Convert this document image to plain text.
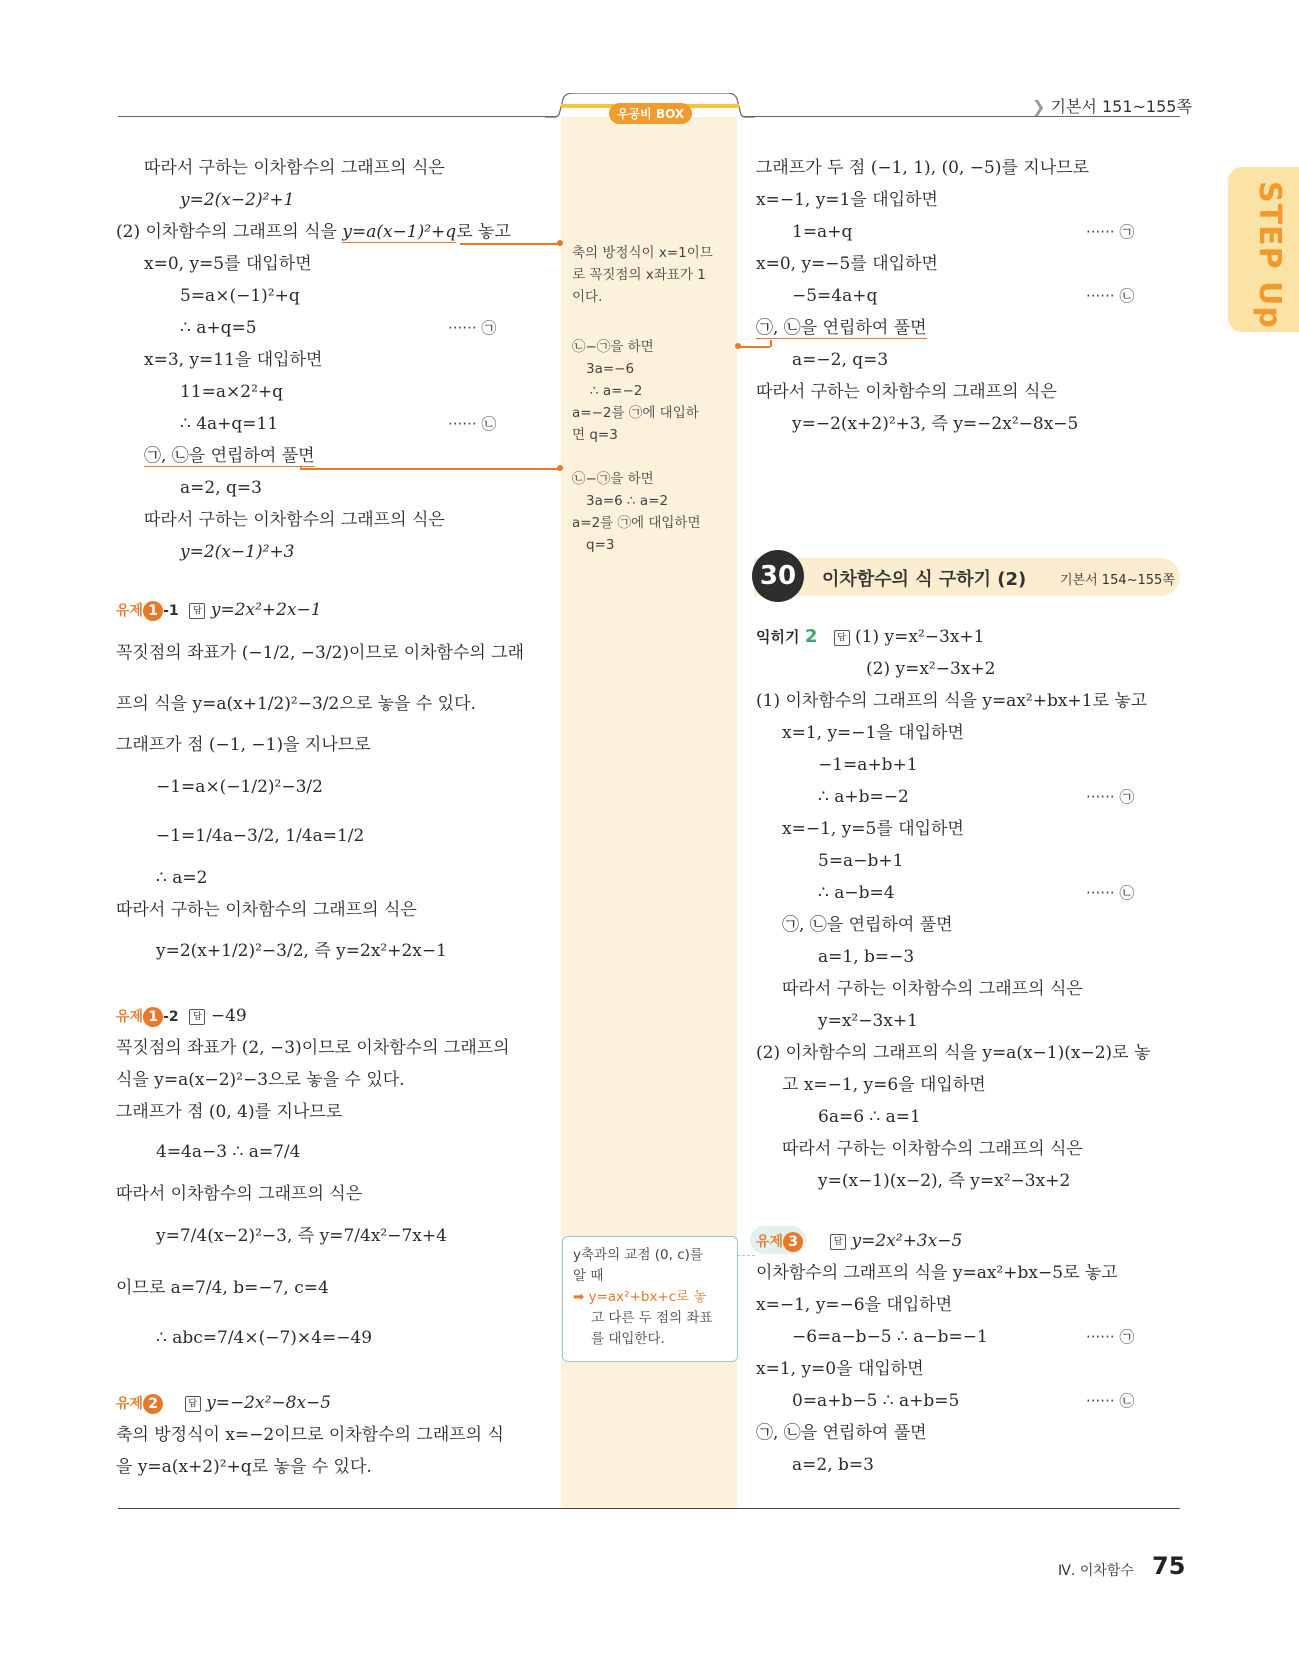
❯ 기본서 151~155쪽
우공비 BOX
STEP Up
따라서 구하는 이차함수의 그래프의 식은
y=2(x−2)²+1
(2) 이차함수의 그래프의 식을 y=a(x−1)²+q로 놓고
x=0, y=5를 대입하면
5=a×(−1)²+q
∴ a+q=5	······ ㉠
x=3, y=11을 대입하면
11=a×2²+q
∴ 4a+q=11	······ ㉡
㉠, ㉡을 연립하여 풀면
a=2, q=3
따라서 구하는 이차함수의 그래프의 식은
y=2(x−1)²+3
유제 1 -1 답 y=2x²+2x−1
꼭짓점의 좌표가 (−1/2, −3/2)이므로 이차함수의 그래
프의 식을 y=a(x+1/2)²−3/2으로 놓을 수 있다.
그래프가 점 (−1, −1)을 지나므로
−1=a×(−1/2)²−3/2
−1=1/4a−3/2, 1/4a=1/2
∴ a=2
따라서 구하는 이차함수의 그래프의 식은
y=2(x+1/2)²−3/2, 즉 y=2x²+2x−1
유제 1 -2 답 −49
꼭짓점의 좌표가 (2, −3)이므로 이차함수의 그래프의
식을 y=a(x−2)²−3으로 놓을 수 있다.
그래프가 점 (0, 4)를 지나므로
4=4a−3 ∴ a=7/4
따라서 이차함수의 그래프의 식은
y=7/4(x−2)²−3, 즉 y=7/4x²−7x+4
이므로 a=7/4, b=−7, c=4
∴ abc=7/4×(−7)×4=−49
유제 2	답 y=−2x²−8x−5
축의 방정식이 x=−2이므로 이차함수의 그래프의 식
을 y=a(x+2)²+q로 놓을 수 있다.
축의 방정식이 x=1이므
로 꼭짓점의 x좌표가 1
이다.
㉡−㉠을 하면
3a=−6
∴ a=−2
a=−2를 ㉠에 대입하
면 q=3
㉡−㉠을 하면
3a=6 ∴ a=2
a=2를 ㉠에 대입하면
q=3
y축과의 교점 (0, c)를
알 때
➡ y=ax²+bx+c로 놓
고 다른 두 점의 좌표
를 대입한다.
그래프가 두 점 (−1, 1), (0, −5)를 지나므로
x=−1, y=1을 대입하면
1=a+q	······ ㉠
x=0, y=−5를 대입하면
−5=4a+q	······ ㉡
㉠, ㉡을 연립하여 풀면
a=−2, q=3
따라서 구하는 이차함수의 그래프의 식은
y=−2(x+2)²+3, 즉 y=−2x²−8x−5
30	이차함수의 식 구하기 (2)	기본서 154~155쪽
익히기 2 답 (1) y=x²−3x+1
(2) y=x²−3x+2
(1) 이차함수의 그래프의 식을 y=ax²+bx+1로 놓고
x=1, y=−1을 대입하면
−1=a+b+1
∴ a+b=−2	······ ㉠
x=−1, y=5를 대입하면
5=a−b+1
∴ a−b=4	······ ㉡
㉠, ㉡을 연립하여 풀면
a=1, b=−3
따라서 구하는 이차함수의 그래프의 식은
y=x²−3x+1
(2) 이차함수의 그래프의 식을 y=a(x−1)(x−2)로 놓
고 x=−1, y=6을 대입하면
6a=6 ∴ a=1
따라서 구하는 이차함수의 그래프의 식은
y=(x−1)(x−2), 즉 y=x²−3x+2
유제 3	답 y=2x²+3x−5
이차함수의 그래프의 식을 y=ax²+bx−5로 놓고
x=−1, y=−6을 대입하면
−6=a−b−5 ∴ a−b=−1	······ ㉠
x=1, y=0을 대입하면
0=a+b−5 ∴ a+b=5	······ ㉡
㉠, ㉡을 연립하여 풀면
a=2, b=3
Ⅳ. 이차함수 75
